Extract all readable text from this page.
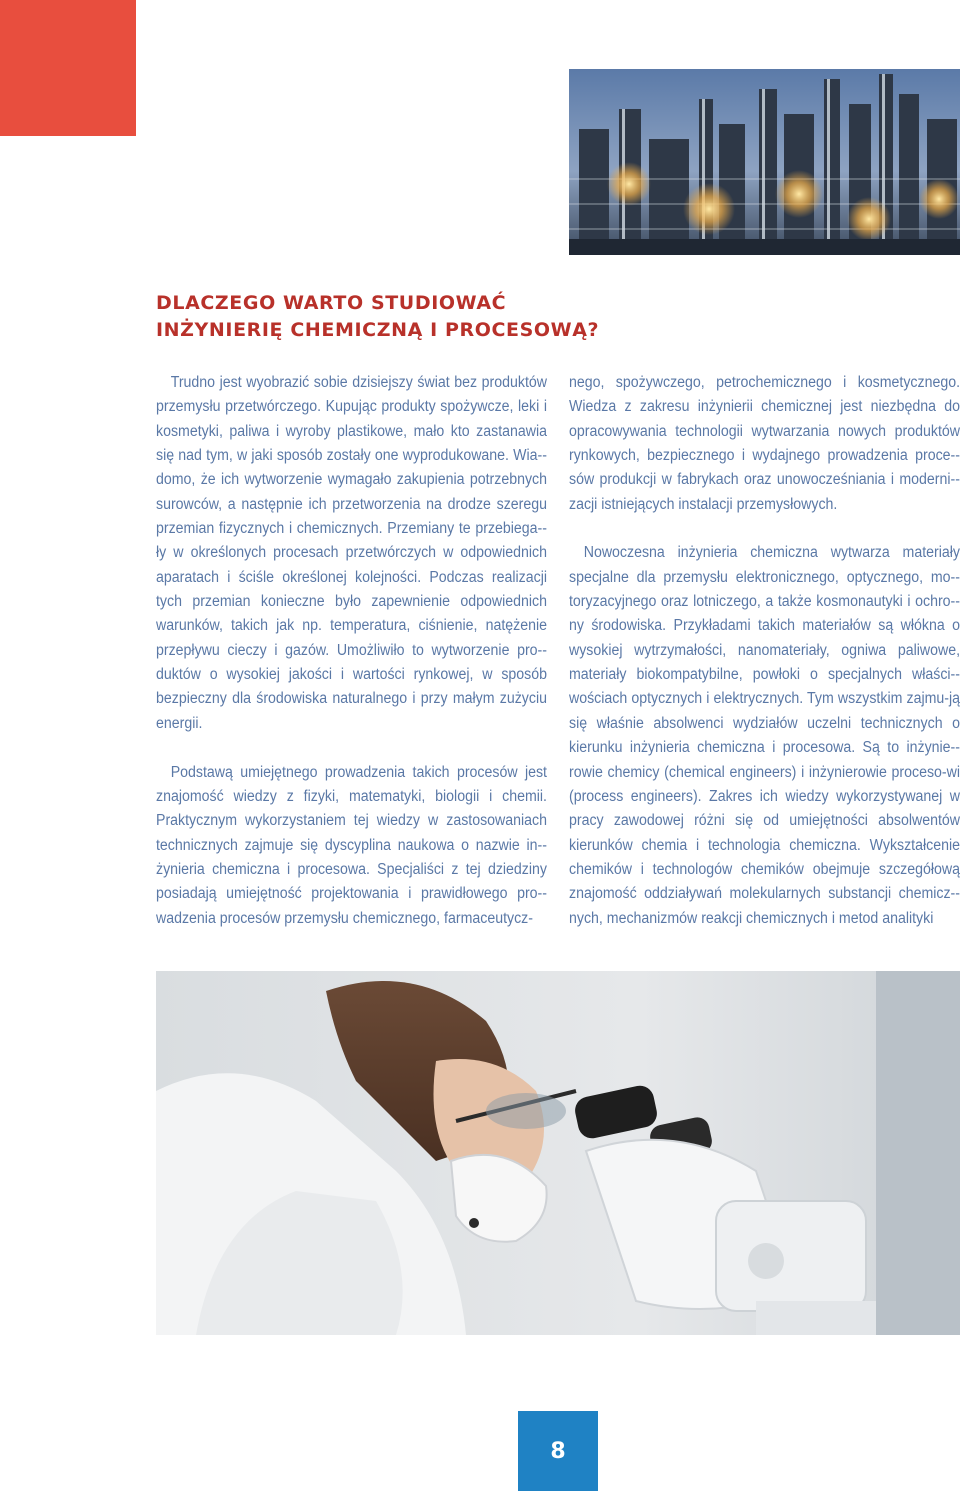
DLACZEGO WARTO STUDIOWAĆ
INŻYNIERIĘ CHEMICZNĄ I PROCESOWĄ?

Trudno jest wyobrazić sobie dzisiejszy świat bez produktów przemysłu przetwórczego. Kupując produkty spożywcze, leki i kosmetyki, paliwa i wyroby plastikowe, mało kto zastanawia się nad tym, w jaki sposób zostały one wyprodukowane. Wia-domo, że ich wytworzenie wymagało zakupienia potrzebnych surowców, a następnie ich przetworzenia na drodze szeregu przemian fizycznych i chemicznych. Przemiany te przebiega-ły w określonych procesach przetwórczych w odpowiednich aparatach i ściśle określonej kolejności. Podczas realizacji tych przemian konieczne było zapewnienie odpowiednich warunków, takich jak np. temperatura, ciśnienie, natężenie przepływu cieczy i gazów. Umożliwiło to wytworzenie pro-duktów o wysokiej jakości i wartości rynkowej, w sposób bezpieczny dla środowiska naturalnego i przy małym zużyciu energii.

Podstawą umiejętnego prowadzenia takich procesów jest znajomość wiedzy z fizyki, matematyki, biologii i chemii. Praktycznym wykorzystaniem tej wiedzy w zastosowaniach technicznych zajmuje się dyscyplina naukowa o nazwie in-żynieria chemiczna i procesowa. Specjaliści z tej dziedziny posiadają umiejętność projektowania i prawidłowego pro-wadzenia procesów przemysłu chemicznego, farmaceutycz-

nego, spożywczego, petrochemicznego i kosmetycznego. Wiedza z zakresu inżynierii chemicznej jest niezbędna do opracowywania technologii wytwarzania nowych produktów rynkowych, bezpiecznego i wydajnego prowadzenia proce-sów produkcji w fabrykach oraz unowocześniania i moderni-zacji istniejących instalacji przemysłowych.

Nowoczesna inżynieria chemiczna wytwarza materiały specjalne dla przemysłu elektronicznego, optycznego, mo-toryzacyjnego oraz lotniczego, a także kosmonautyki i ochro-ny środowiska. Przykładami takich materiałów są włókna o wysokiej wytrzymałości, nanomateriały, ogniwa paliwowe, materiały biokompatybilne, powłoki o specjalnych właści-wościach optycznych i elektrycznych. Tym wszystkim zajmu-ją się właśnie absolwenci wydziałów uczelni technicznych o kierunku inżynieria chemiczna i procesowa. Są to inżynie-rowie chemicy (chemical engineers) i inżynierowie proceso-wi (process engineers). Zakres ich wiedzy wykorzystywanej w pracy zawodowej różni się od umiejętności absolwentów kierunków chemia i technologia chemiczna. Wykształcenie chemików i technologów chemików obejmuje szczegółową znajomość oddziaływań molekularnych substancji chemicz-nych, mechanizmów reakcji chemicznych i metod analityki

8
